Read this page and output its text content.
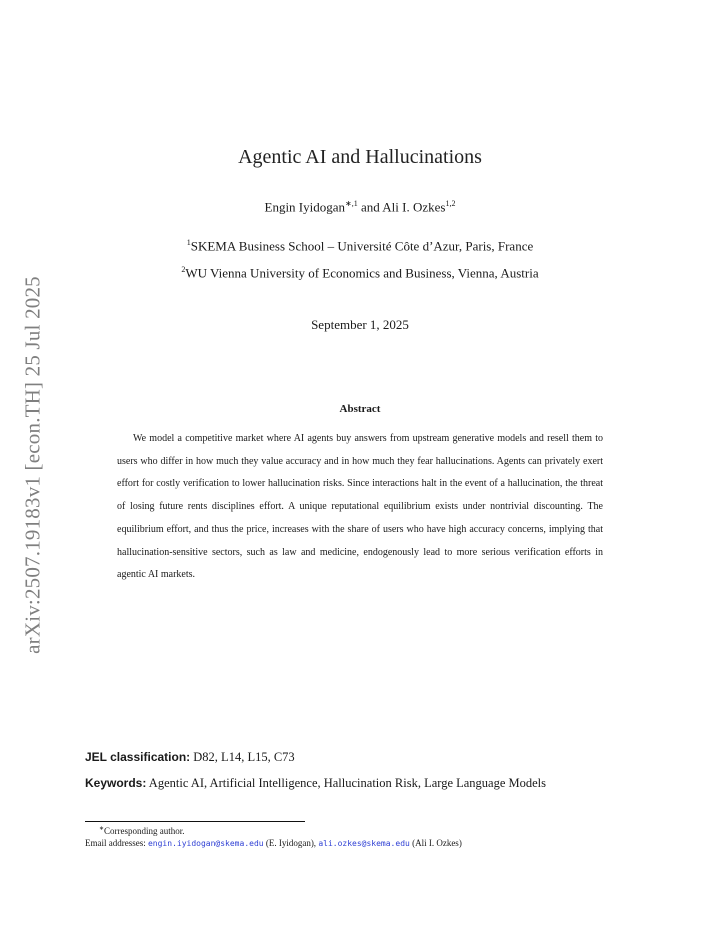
arXiv:2507.19183v1 [econ.TH] 25 Jul 2025
Agentic AI and Hallucinations
Engin Iyidogan$^{∗,1}$ and Ali I. Ozkes$^{1,2}$
$^1$SKEMA Business School – Université Côte d’Azur, Paris, France
$^2$WU Vienna University of Economics and Business, Vienna, Austria
September 1, 2025
Abstract
We model a competitive market where AI agents buy answers from upstream generative models and resell them to users who differ in how much they value accuracy and in how much they fear hallucinations. Agents can privately exert effort for costly verification to lower hallucination risks. Since interactions halt in the event of a hallucination, the threat of losing future rents disciplines effort. A unique reputational equilibrium exists under nontrivial discounting. The equilibrium effort, and thus the price, increases with the share of users who have high accuracy concerns, implying that hallucination-sensitive sectors, such as law and medicine, endogenously lead to more serious verification efforts in agentic AI markets.
JEL classification: D82, L14, L15, C73
Keywords: Agentic AI, Artificial Intelligence, Hallucination Risk, Large Language Models
∗Corresponding author.
Email addresses: engin.iyidogan@skema.edu (E. Iyidogan), ali.ozkes@skema.edu (Ali I. Ozkes)
